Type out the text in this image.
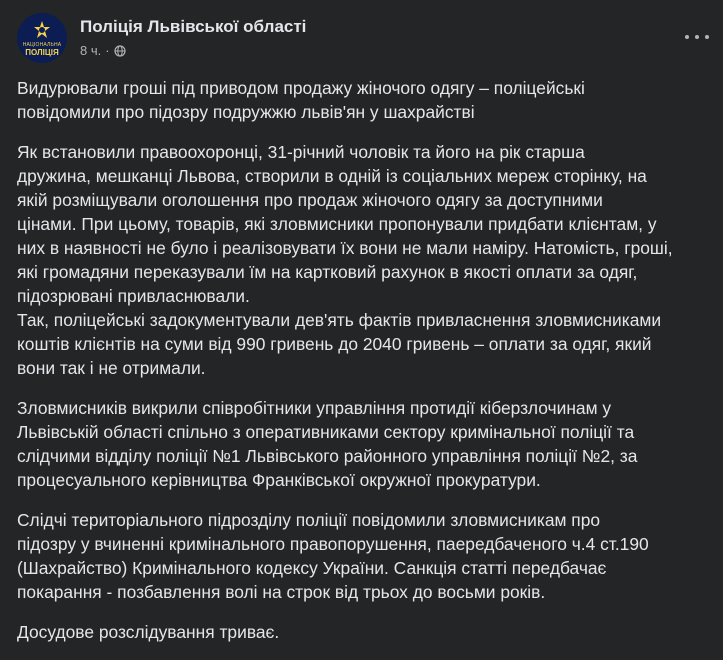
НАЦІОНАЛЬНА
ПОЛІЦІЯ
Поліція Львівської області
8 ч. ·

Видурювали гроші під приводом продажу жіночого одягу – поліцейські
повідомили про підозру подружжю львів'ян у шахрайстві

Як встановили правоохоронці, 31-річний чоловік та його на рік старша
дружина, мешканці Львова, створили в одній із соціальних мереж сторінку, на
якій розміщували оголошення про продаж жіночого одягу за доступними
цінами. При цьому, товарів, які зловмисники пропонували придбати клієнтам, у
них в наявності не було і реалізовувати їх вони не мали наміру. Натомість, гроші,
які громадяни переказували їм на картковий рахунок в якості оплати за одяг,
підозрювані привласнювали.
Так, поліцейські задокументували дев'ять фактів привласнення зловмисниками
коштів клієнтів на суми від 990 гривень до 2040 гривень – оплати за одяг, який
вони так і не отримали.

Зловмисників викрили співробітники управління протидії кіберзлочинам у
Львівській області спільно з оперативниками сектору кримінальної поліції та
слідчими відділу поліції №1 Львівського районного управління поліції №2, за
процесуального керівництва Франківської окружної прокуратури.

Слідчі територіального підрозділу поліції повідомили зловмисникам про
підозру у вчиненні кримінального правопорушення, паередбаченого ч.4 ст.190
(Шахрайство) Кримінального кодексу України. Санкція статті передбачає
покарання - позбавлення волі на строк від трьох до восьми років.

Досудове розслідування триває.
